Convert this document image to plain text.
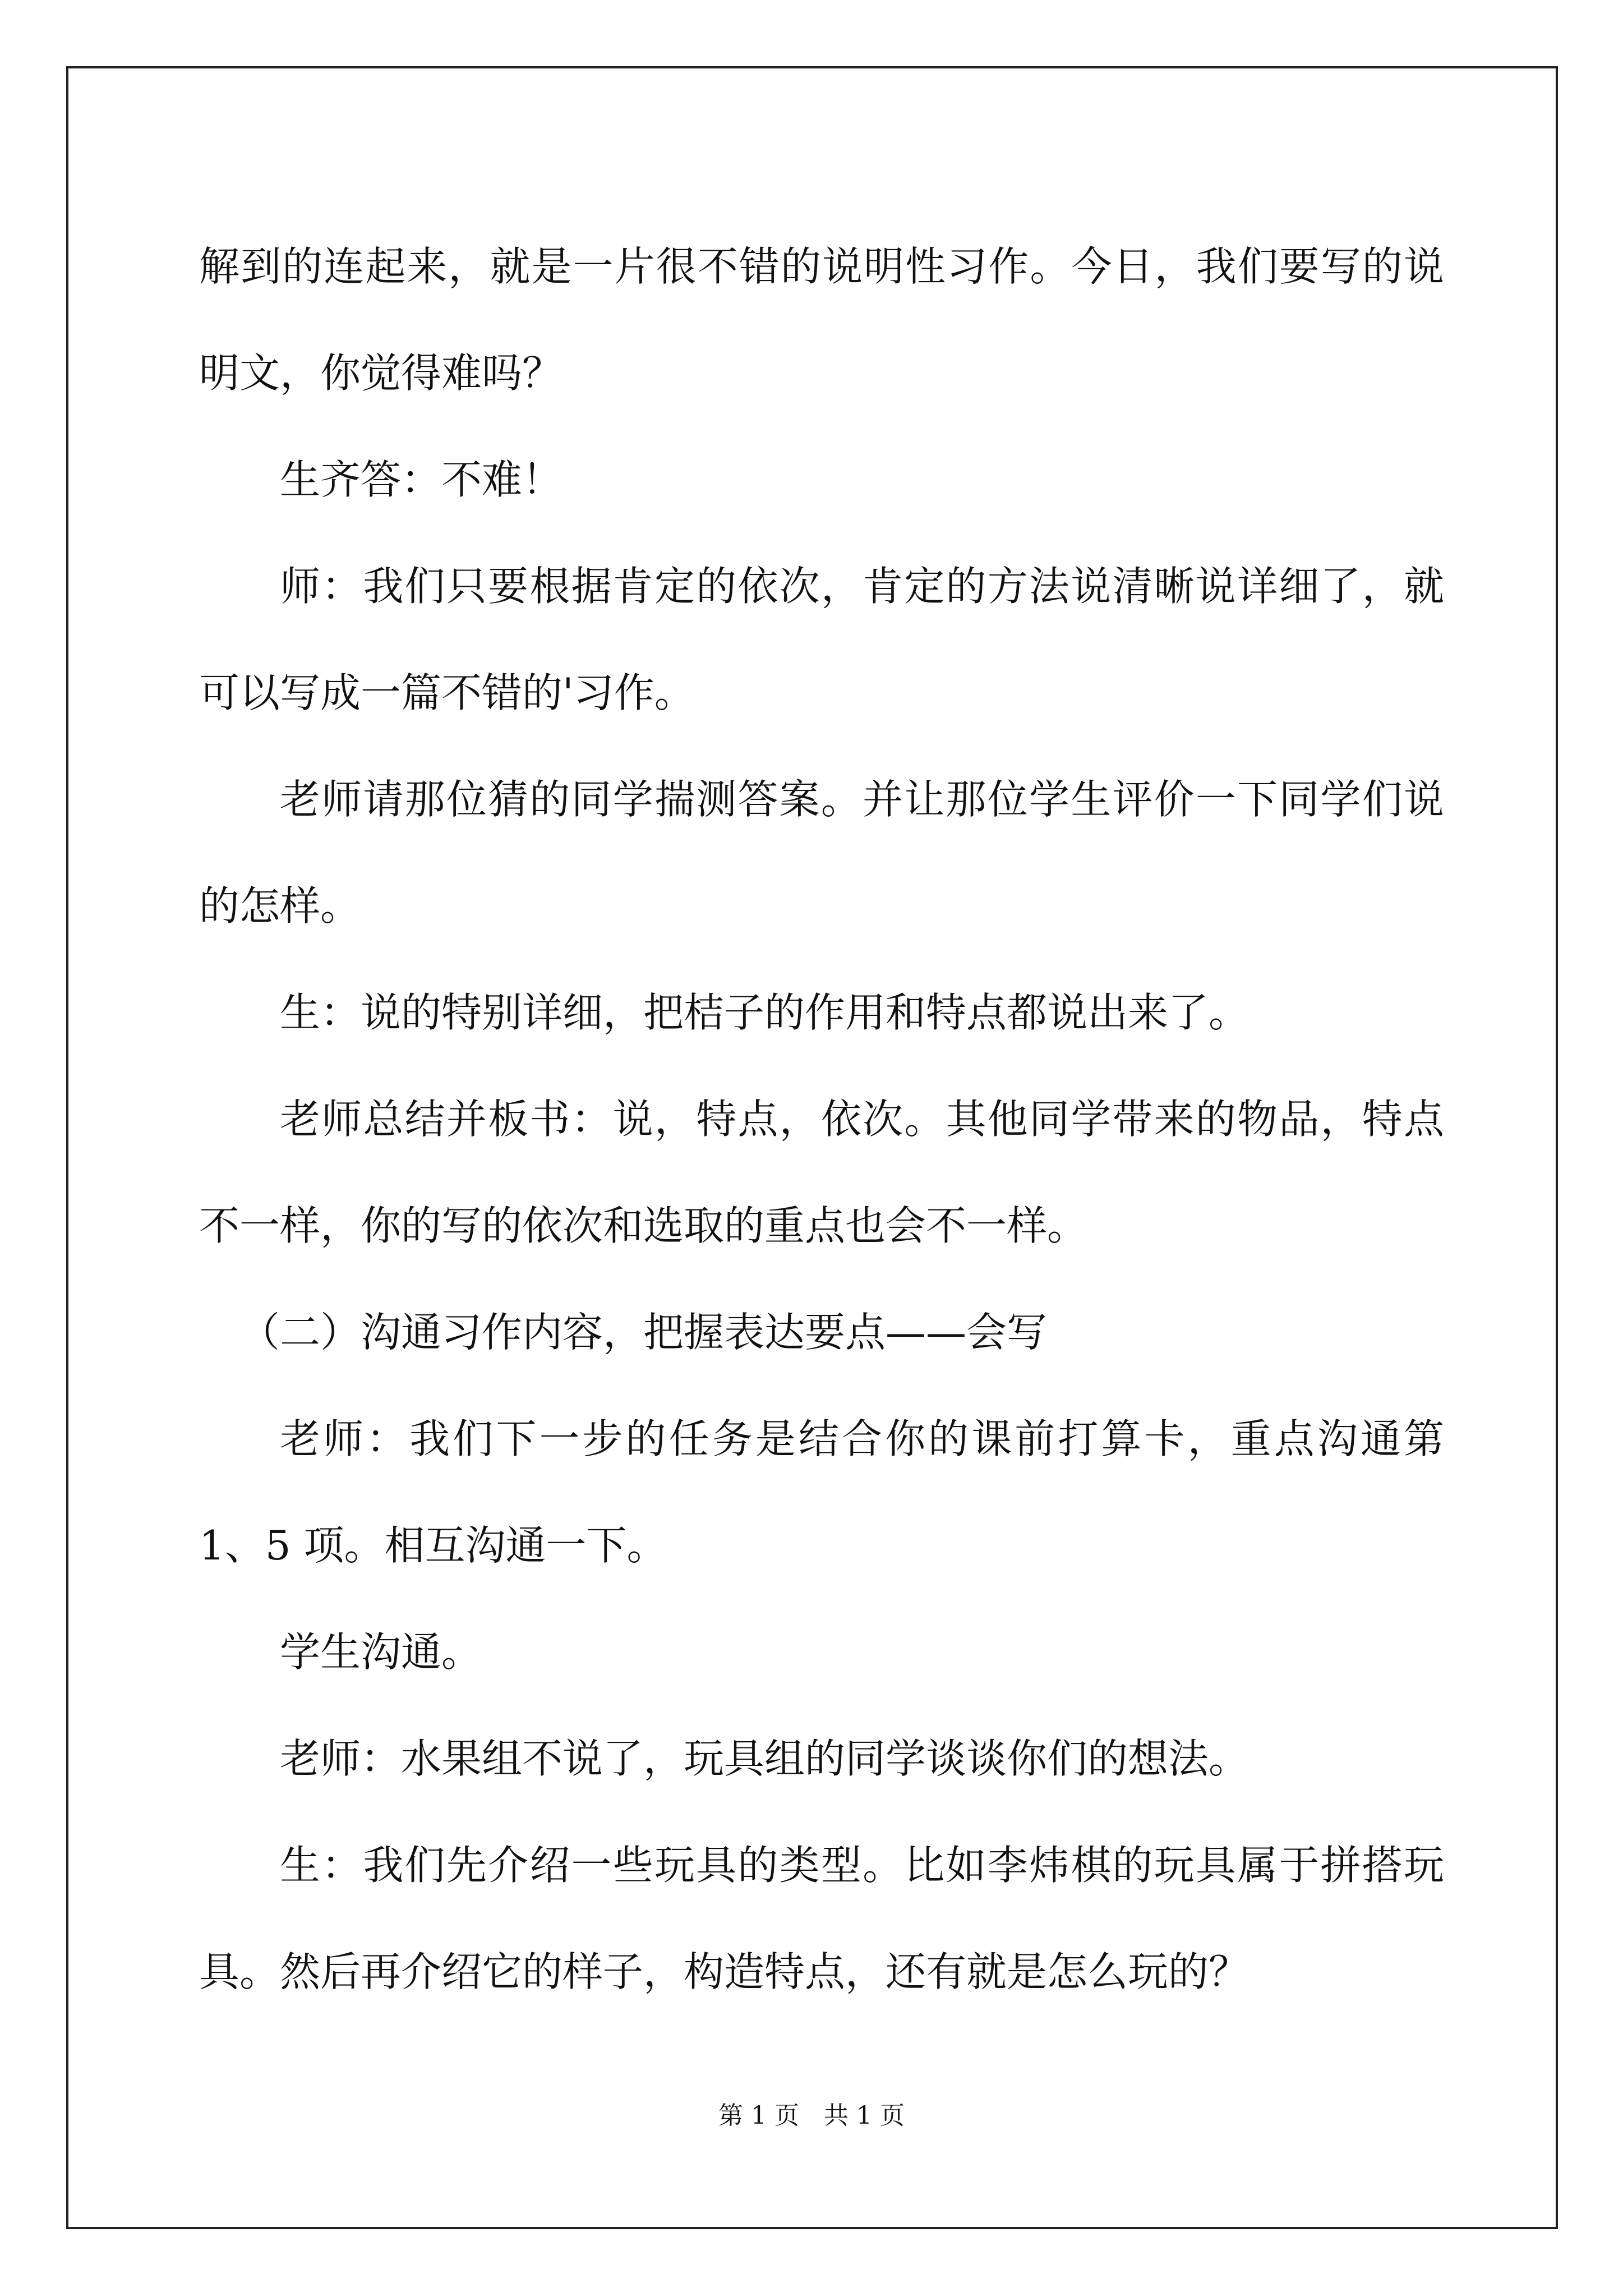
解到的连起来，就是一片很不错的说明性习作。今日，我们要写的说明文，你觉得难吗？

生齐答：不难！

师：我们只要根据肯定的依次，肯定的方法说清晰说详细了，就可以写成一篇不错的'习作。

老师请那位猜的同学揣测答案。并让那位学生评价一下同学们说的怎样。

生：说的特别详细，把桔子的作用和特点都说出来了。

老师总结并板书：说，特点，依次。其他同学带来的物品，特点不一样，你的写的依次和选取的重点也会不一样。

（二）沟通习作内容，把握表达要点——会写

老师：我们下一步的任务是结合你的课前打算卡，重点沟通第 1、5 项。相互沟通一下。

学生沟通。

老师：水果组不说了，玩具组的同学谈谈你们的想法。

生：我们先介绍一些玩具的类型。比如李炜棋的玩具属于拼搭玩具。然后再介绍它的样子，构造特点，还有就是怎么玩的？

第 1 页　共 1 页
